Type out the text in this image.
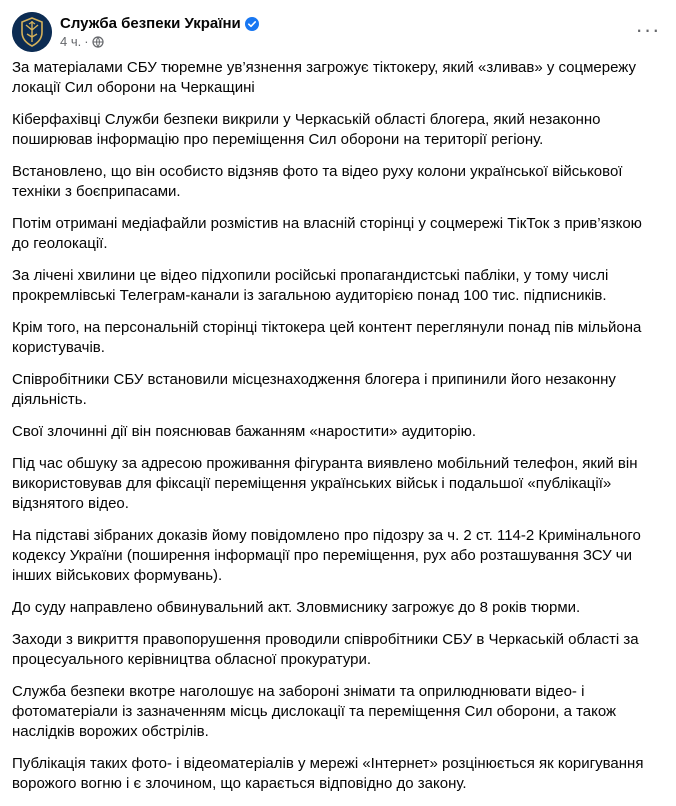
Служба безпеки України
4 ч. ·	···

За матеріалами СБУ тюремне ув’язнення загрожує тіктокеру, який «зливав» у соцмережу локації Сил оборони на Черкащині

Кіберфахівці Служби безпеки викрили у Черкаській області блогера, який незаконно поширював інформацію про переміщення Сил оборони на території регіону.

Встановлено, що він особисто відзняв фото та відео руху колони української військової техніки з боєприпасами.

Потім отримані медіафайли розмістив на власній сторінці у соцмережі ТікТок з прив’язкою до геолокації.

За лічені хвилини це відео підхопили російські пропагандистські пабліки, у тому числі прокремлівські Телеграм-канали із загальною аудиторією понад 100 тис. підписників.

Крім того, на персональній сторінці тіктокера цей контент переглянули понад пів мільйона користувачів.

Співробітники СБУ встановили місцезнаходження блогера і припинили його незаконну діяльність.

Свої злочинні дії він пояснював бажанням «наростити» аудиторію.

Під час обшуку за адресою проживання фігуранта виявлено мобільний телефон, який він використовував для фіксації переміщення українських військ і подальшої «публікації» відзнятого відео.

На підставі зібраних доказів йому повідомлено про підозру за ч. 2 ст. 114-2 Кримінального кодексу України (поширення інформації про переміщення, рух або розташування ЗСУ чи інших військових формувань).

До суду направлено обвинувальний акт. Зловмиснику загрожує до 8 років тюрми.

Заходи з викриття правопорушення проводили співробітники СБУ в Черкаській області за процесуального керівництва обласної прокуратури.

Служба безпеки вкотре наголошує на забороні знімати та оприлюднювати відео- і фотоматеріали із зазначенням місць дислокації та переміщення Сил оборони, а також наслідків ворожих обстрілів.

Публікація таких фото- і відеоматеріалів у мережі «Інтернет» розцінюється як коригування ворожого вогню і є злочином, що карається відповідно до закону.
